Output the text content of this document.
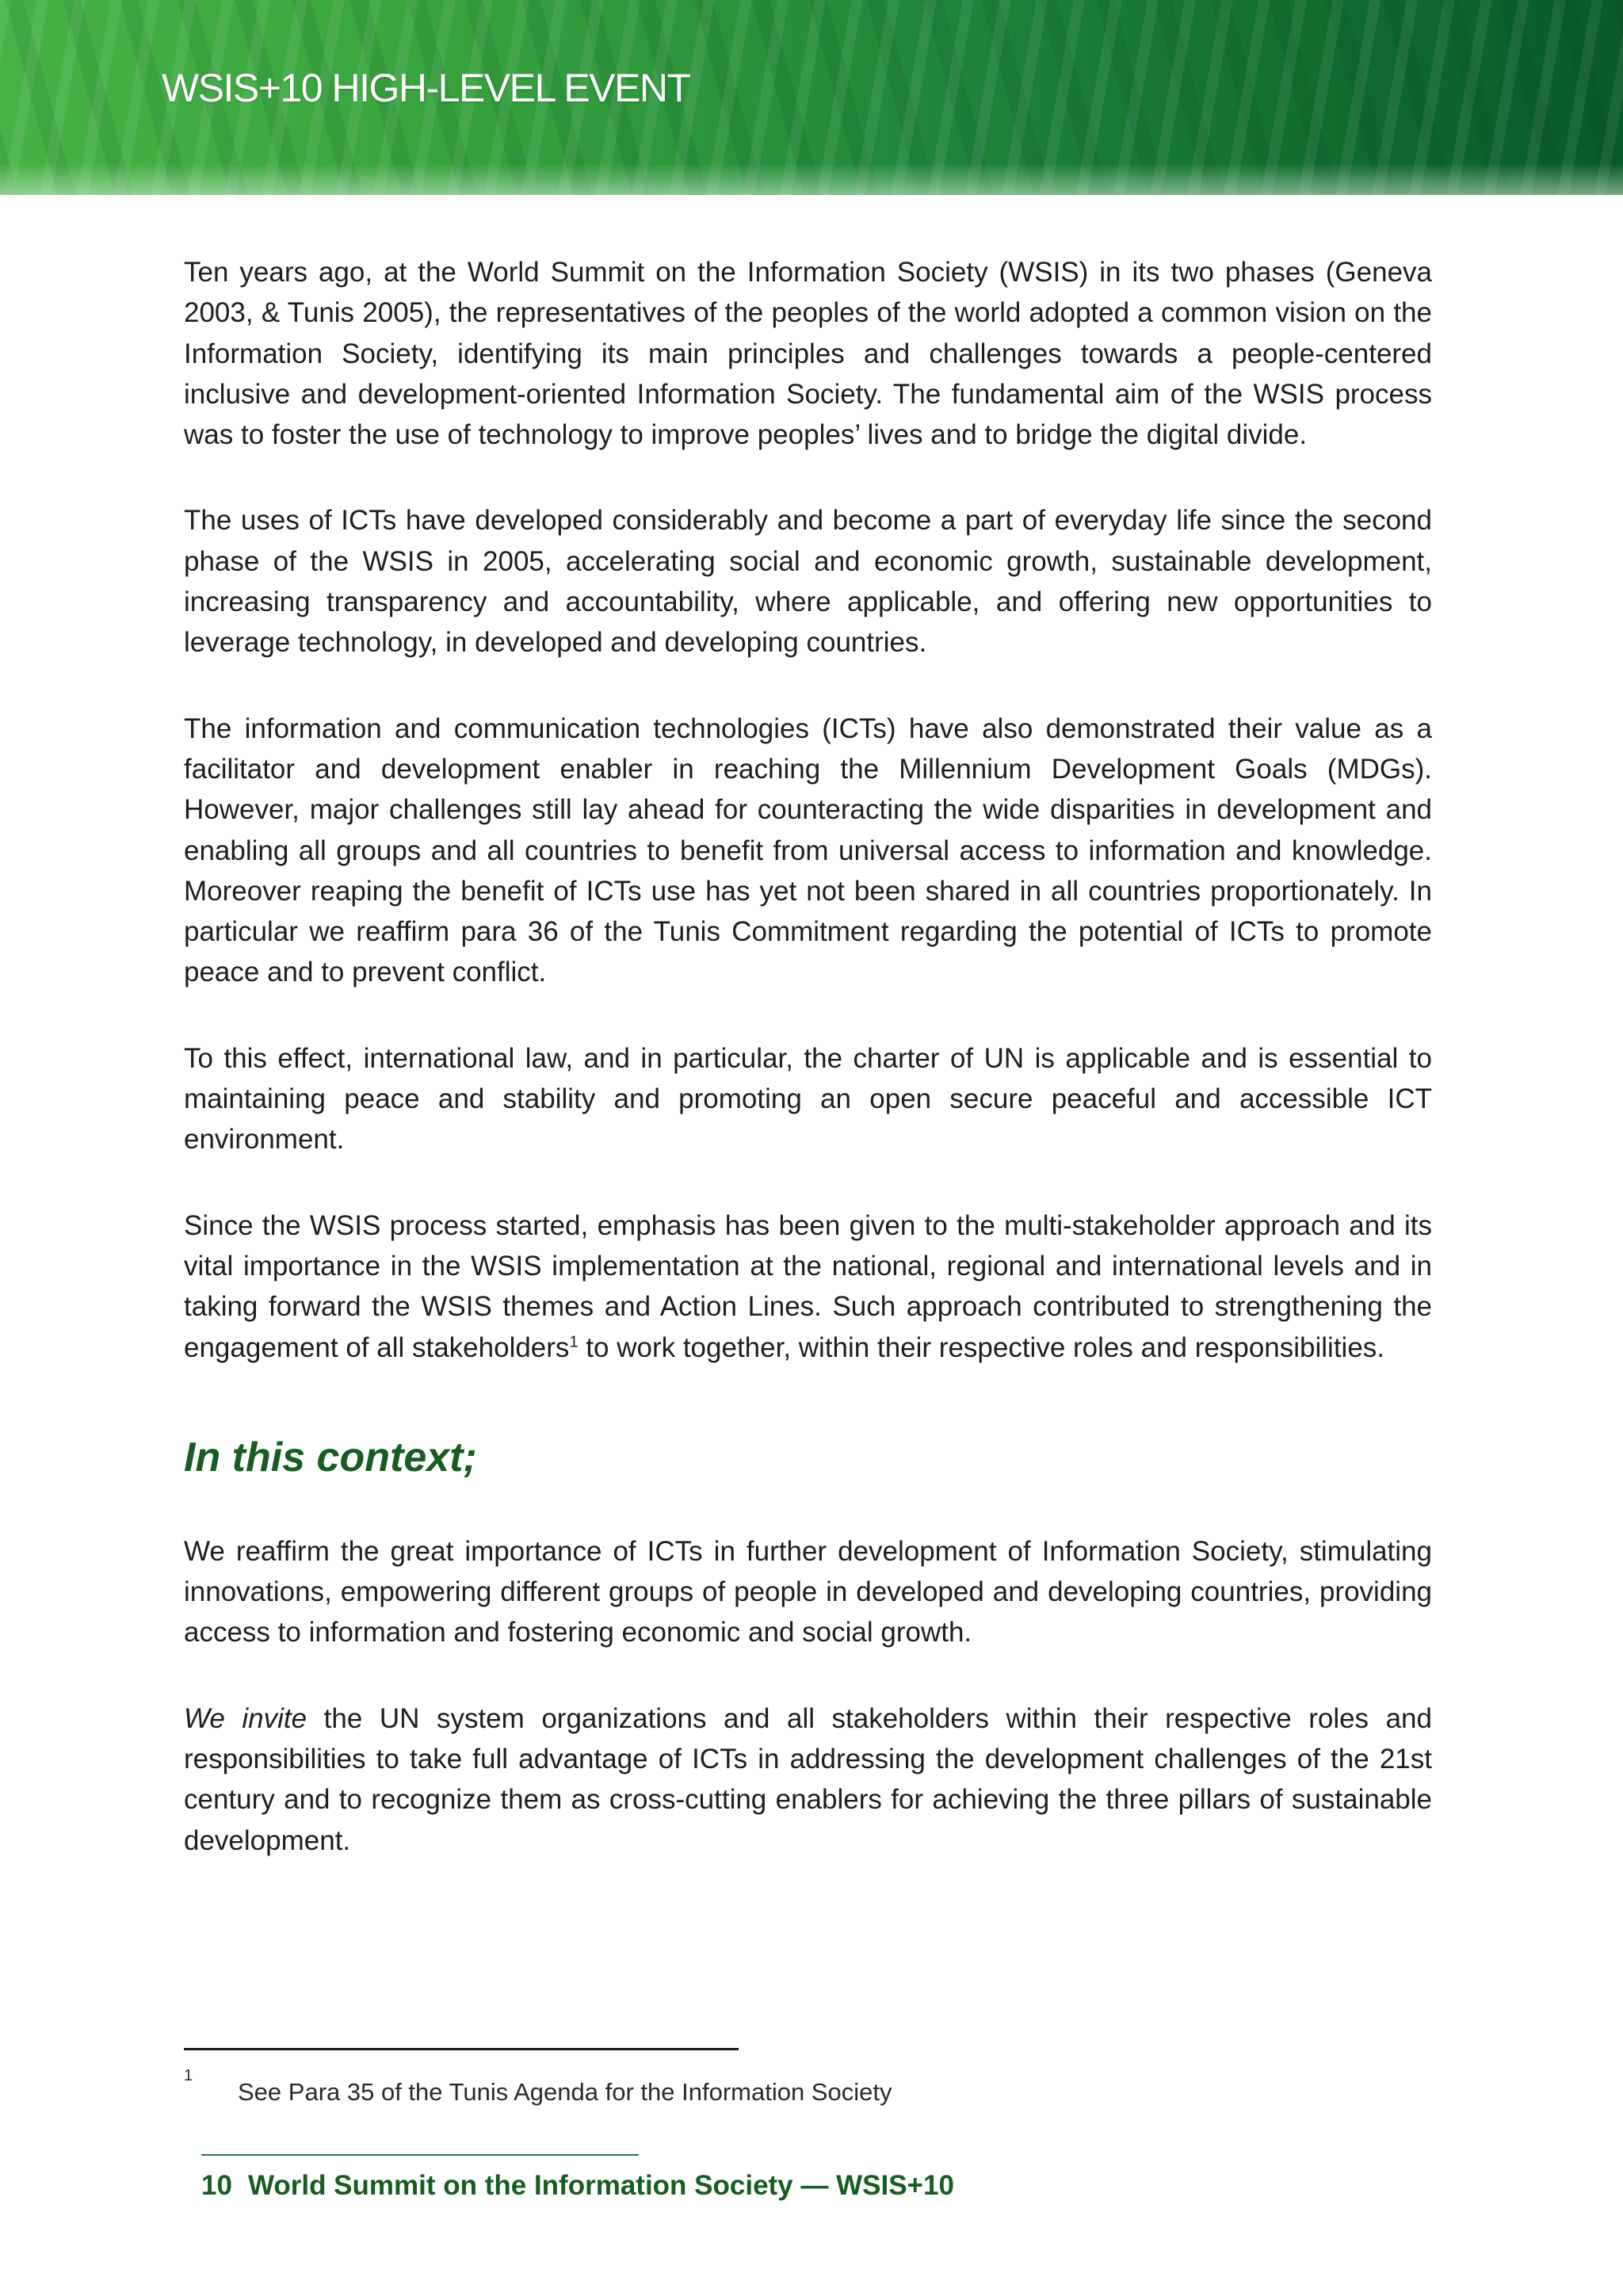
WSIS+10 HIGH-LEVEL EVENT

Ten years ago, at the World Summit on the Information Society (WSIS) in its two phases (Geneva 2003, & Tunis 2005), the representatives of the peoples of the world adopted a common vision on the Information Society, identifying its main principles and challenges towards a people-centered inclusive and development-oriented Information Society. The fundamental aim of the WSIS process was to foster the use of technology to improve peoples’ lives and to bridge the digital divide.

The uses of ICTs have developed considerably and become a part of everyday life since the second phase of the WSIS in 2005, accelerating social and economic growth, sustainable development, increasing transparency and accountability, where applicable, and offering new opportunities to leverage technology, in developed and developing countries.

The information and communication technologies (ICTs) have also demonstrated their value as a facilitator and development enabler in reaching the Millennium Development Goals (MDGs). However, major challenges still lay ahead for counteracting the wide disparities in development and enabling all groups and all countries to benefit from universal access to information and knowledge. Moreover reaping the benefit of ICTs use has yet not been shared in all countries proportionately. In particular we reaffirm para 36 of the Tunis Commitment regarding the potential of ICTs to promote peace and to prevent conflict.

To this effect, international law, and in particular, the charter of UN is applicable and is essential to maintaining peace and stability and promoting an open secure peaceful and accessible ICT environment.

Since the WSIS process started, emphasis has been given to the multi-stakeholder approach and its vital importance in the WSIS implementation at the national, regional and international levels and in taking forward the WSIS themes and Action Lines. Such approach contributed to strengthening the engagement of all stakeholders$^1$ to work together, within their respective roles and responsibilities.

In this context;

We reaffirm the great importance of ICTs in further development of Information Society, stimulating innovations, empowering different groups of people in developed and developing countries, providing access to information and fostering economic and social growth.

We invite the UN system organizations and all stakeholders within their respective roles and responsibilities to take full advantage of ICTs in addressing the development challenges of the 21st century and to recognize them as cross-cutting enablers for achieving the three pillars of sustainable development.

1
See Para 35 of the Tunis Agenda for the Information Society
10 World Summit on the Information Society — WSIS+10
